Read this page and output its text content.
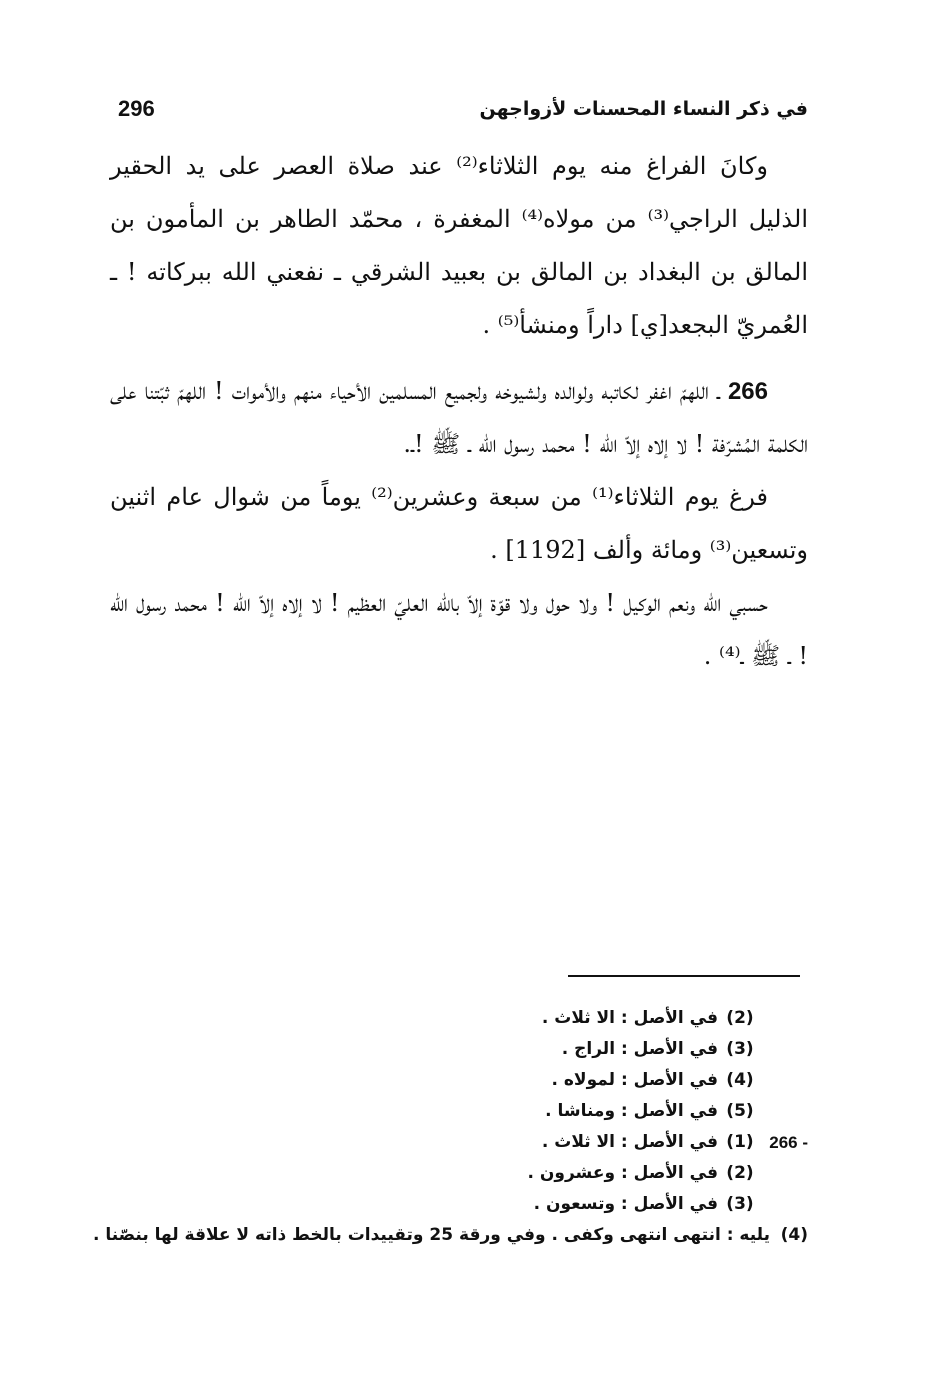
في ذكر النساء المحسنات لأزواجهن
296

وكانَ الفراغ منه يوم الثلاثاء⁽²⁾ عند صلاة العصر على يد الحقير الذليل الراجي⁽³⁾ من مولاه⁽⁴⁾ المغفرة ، محمّد الطاهر بن المأمون بن المالق بن البغداد بن المالق بن بعبيد الشرقي ـ نفعني الله ببركاته ! ـ العُمريّ البجعد[ي] داراً ومنشأ⁽⁵⁾ .

266 ـ اللهمّ اغفر لكاتبه ولوالده ولشيوخه ولجميع المسلمين الأحياء منهم والأموات ! اللهمّ ثبّتنا على الكلمة المُشرّفة ! لا إلاه إلاّ اللّه ! محمد رسول اللّه ـ ﷺ !ـ.

فرغ يوم الثلاثاء⁽¹⁾ من سبعة وعشرين⁽²⁾ يوماً من شوال عام اثنين وتسعين⁽³⁾ ومائة وألف [1192] .

حسبي اللّه ونعم الوكيل ! ولا حول ولا قوّة إلاّ باللّه العليّ العظيم ! لا إلاه إلاّ اللّه ! محمد رسول اللّه ! ـ ﷺ ـ⁽⁴⁾ .

(2)
في الأصل : الا ثلاث .
(3)
في الأصل : الراج .
(4)
في الأصل : لمولاه .
(5)
في الأصل : ومناشا .
266 -
(1)
في الأصل : الا ثلاث .
(2)
في الأصل : وعشرون .
(3)
في الأصل : وتسعون .
(4)
يليه : انتهى انتهى وكفى . وفي ورقة 25 وتقييدات بالخط ذاته لا علاقة لها بنصّنا .
